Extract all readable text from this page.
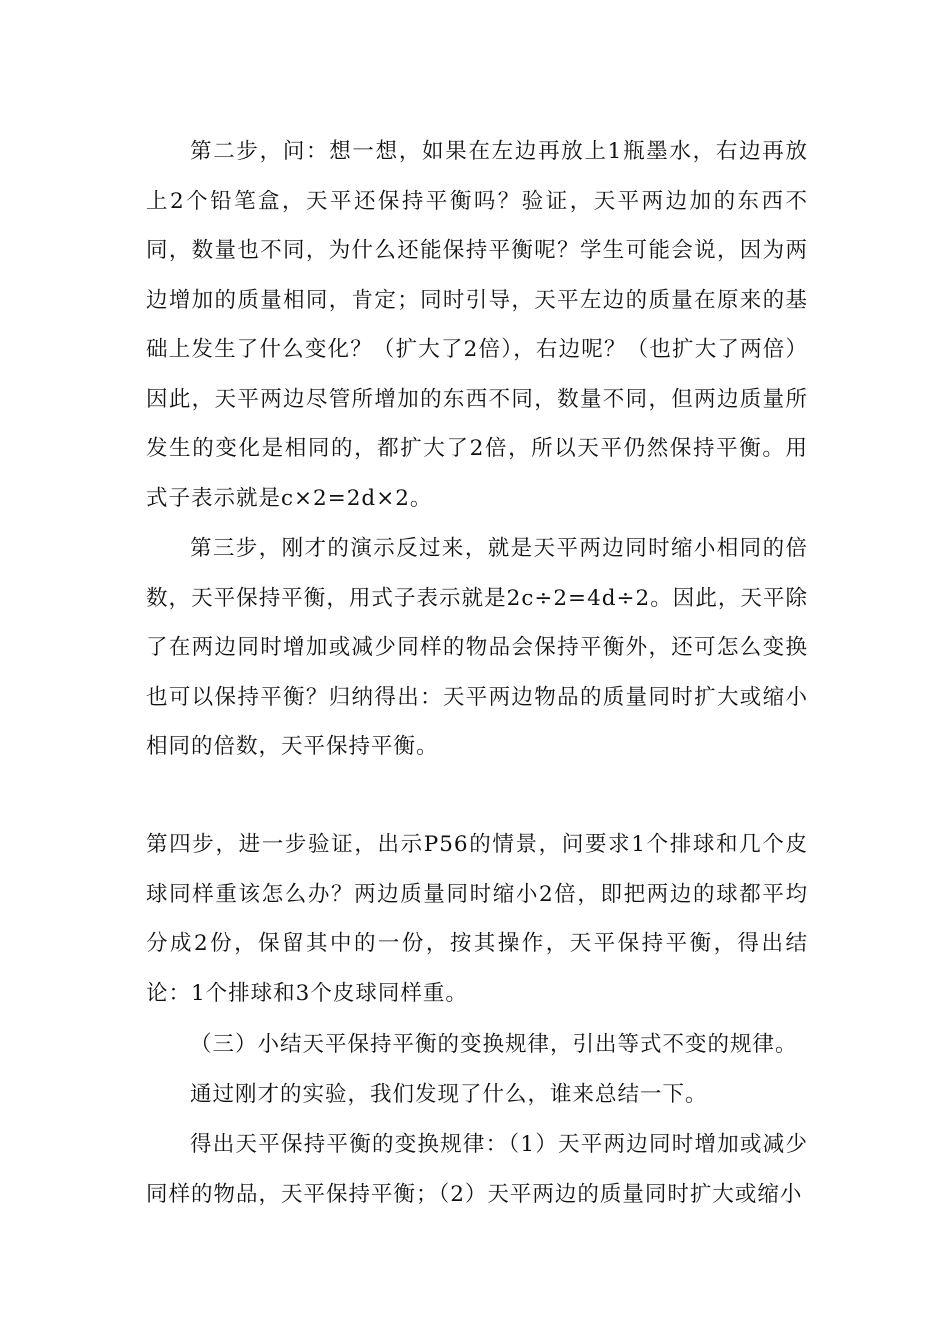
第二步，问：想一想，如果在左边再放上1瓶墨水，右边再放上2个铅笔盒，天平还保持平衡吗？验证，天平两边加的东西不同，数量也不同，为什么还能保持平衡呢？学生可能会说，因为两边增加的质量相同，肯定；同时引导，天平左边的质量在原来的基础上发生了什么变化？（扩大了2倍），右边呢？（也扩大了两倍）因此，天平两边尽管所增加的东西不同，数量不同，但两边质量所发生的变化是相同的，都扩大了2倍，所以天平仍然保持平衡。用式子表示就是c×2=2d×2。

第三步，刚才的演示反过来，就是天平两边同时缩小相同的倍数，天平保持平衡，用式子表示就是2c÷2=4d÷2。因此，天平除了在两边同时增加或减少同样的物品会保持平衡外，还可怎么变换也可以保持平衡？归纳得出：天平两边物品的质量同时扩大或缩小相同的倍数，天平保持平衡。

第四步，进一步验证，出示P56的情景，问要求1个排球和几个皮球同样重该怎么办？两边质量同时缩小2倍，即把两边的球都平均分成2份，保留其中的一份，按其操作，天平保持平衡，得出结论：1个排球和3个皮球同样重。

（三）小结天平保持平衡的变换规律，引出等式不变的规律。

通过刚才的实验，我们发现了什么，谁来总结一下。

得出天平保持平衡的变换规律：（1）天平两边同时增加或减少同样的物品，天平保持平衡；（2）天平两边的质量同时扩大或缩小
